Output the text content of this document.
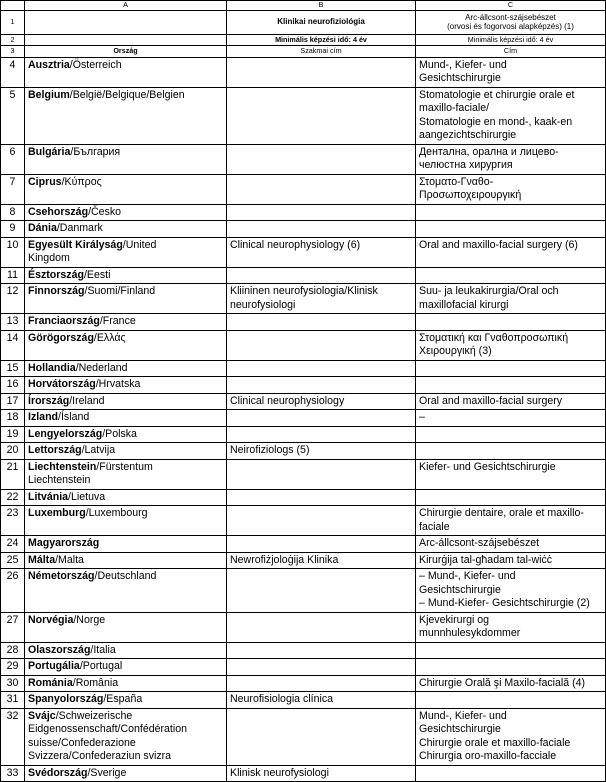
	A	B	C
1		Klinikai neurofiziológia	Arc-állcsont-szájsebészet
(orvosi és fogorvosi alapképzés) (1)

2		Minimális képzési idő: 4 év	Minimális képzési idő: 4 év
3	Ország	Szakmai cím	Cím
4	Ausztria/Österreich		Mund-, Kiefer- und
Gesichtschirurgie

5	Belgium/België/Belgique/Belgien		Stomatologie et chirurgie orale et
maxillo-faciale/
Stomatologie en mond-, kaak-en
aangezichtschirurgie

6	Bulgária/България		Дентална, орална и лицево-
челюстна хирургия

7	Ciprus/Κύπρος		Στοματο-Γναθο-
Προσωποχειρουργική

8	Csehország/Česko		
9	Dánia/Danmark		
10	Egyesült Királyság/United
Kingdom	Clinical neurophysiology (6)	Oral and maxillo-facial surgery (6)

11	Észtország/Eesti		
12	Finnország/Suomi/Finland	Kliininen neurofysiologia/Klinisk
neurofysiologi	Suu- ja leukakirurgia/Oral och
maxillofacial kirurgi

13	Franciaország/France		
14	Görögország/Ελλάς		Στοματική και Γναθοπροσωπική
Χειρουργική (3)

15	Hollandia/Nederland		
16	Horvátország/Hrvatska		
17	Írország/Ireland	Clinical neurophysiology	Oral and maxillo-facial surgery

18	Izland/Ísland		–

19	Lengyelország/Polska		
20	Lettország/Latvija	Neirofiziologs (5)	

21	Liechtenstein/Fürstentum
Liechtenstein		Kiefer- und Gesichtschirurgie

22	Litvánia/Lietuva		
23	Luxemburg/Luxembourg		Chirurgie dentaire, orale et maxillo-
faciale

24	Magyarország		Arc-állcsont-szájsebészet

25	Málta/Malta	Newrofiżjoloġija Klinika	Kirurġija tal-għadam tal-wiċċ

26	Németország/Deutschland		– Mund-, Kiefer- und
Gesichtschirurgie
– Mund-Kiefer- Gesichtschirurgie (2)

27	Norvégia/Norge		Kjevekirurgi og
munnhulesykdommer

28	Olaszország/Italia		
29	Portugália/Portugal		
30	Románia/România		Chirurgie Orală şi Maxilo-facială (4)

31	Spanyolország/España	Neurofisiologia clínica	

32	Svájc/Schweizerische
Eidgenossenschaft/Confédération
suisse/Confederazione
Svizzera/Confederaziun svizra		Mund-, Kiefer- und
Gesichtschirurgie
Chirurgie orale et maxillo-faciale
Chirurgia oro-maxillo-facciale

33	Svédország/Sverige	Klinisk neurofysiologi	
